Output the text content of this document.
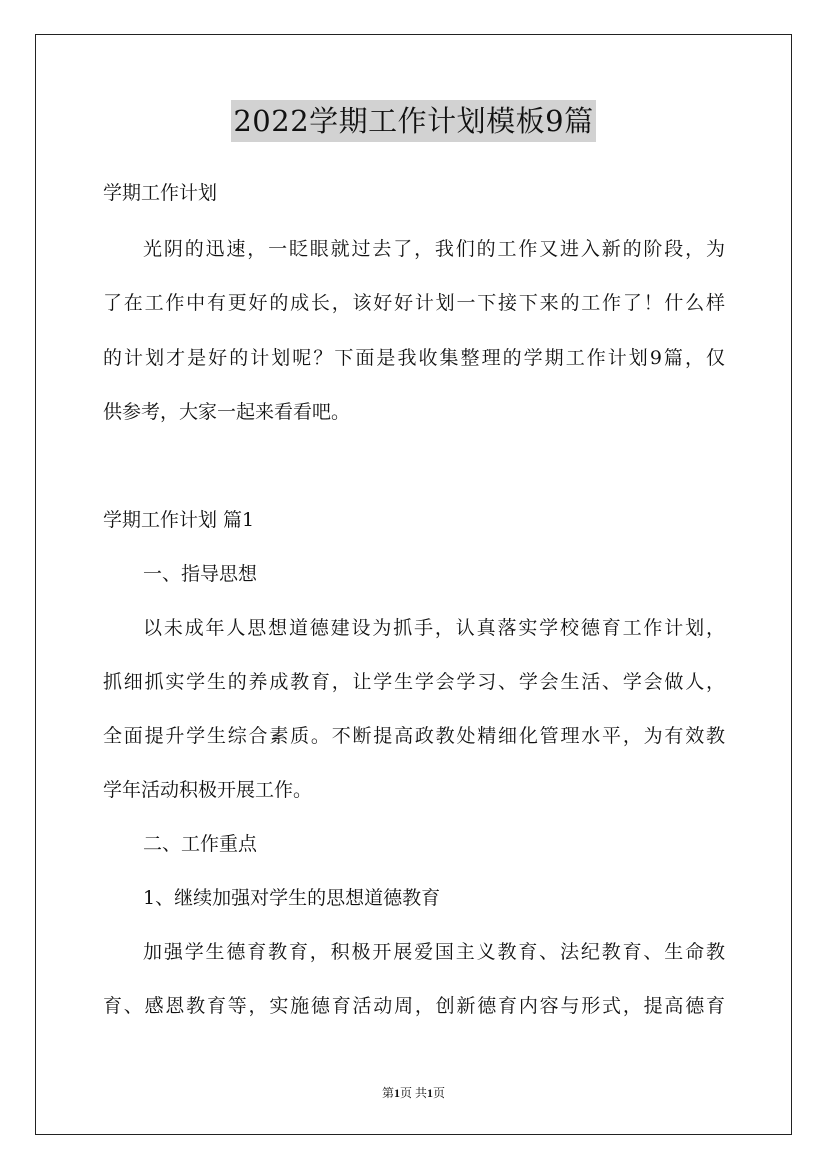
2022学期工作计划模板9篇
学期工作计划
光阴的迅速，一眨眼就过去了，我们的工作又进入新的阶段，为
了在工作中有更好的成长，该好好计划一下接下来的工作了！什么样
的计划才是好的计划呢？下面是我收集整理的学期工作计划9篇，仅
供参考，大家一起来看看吧。
学期工作计划 篇1
一、指导思想
以未成年人思想道德建设为抓手，认真落实学校德育工作计划，
抓细抓实学生的养成教育，让学生学会学习、学会生活、学会做人，
全面提升学生综合素质。不断提高政教处精细化管理水平，为有效教
学年活动积极开展工作。
二、工作重点
1、继续加强对学生的思想道德教育
加强学生德育教育，积极开展爱国主义教育、法纪教育、生命教
育、感恩教育等，实施德育活动周，创新德育内容与形式，提高德育
第1页 共1页
